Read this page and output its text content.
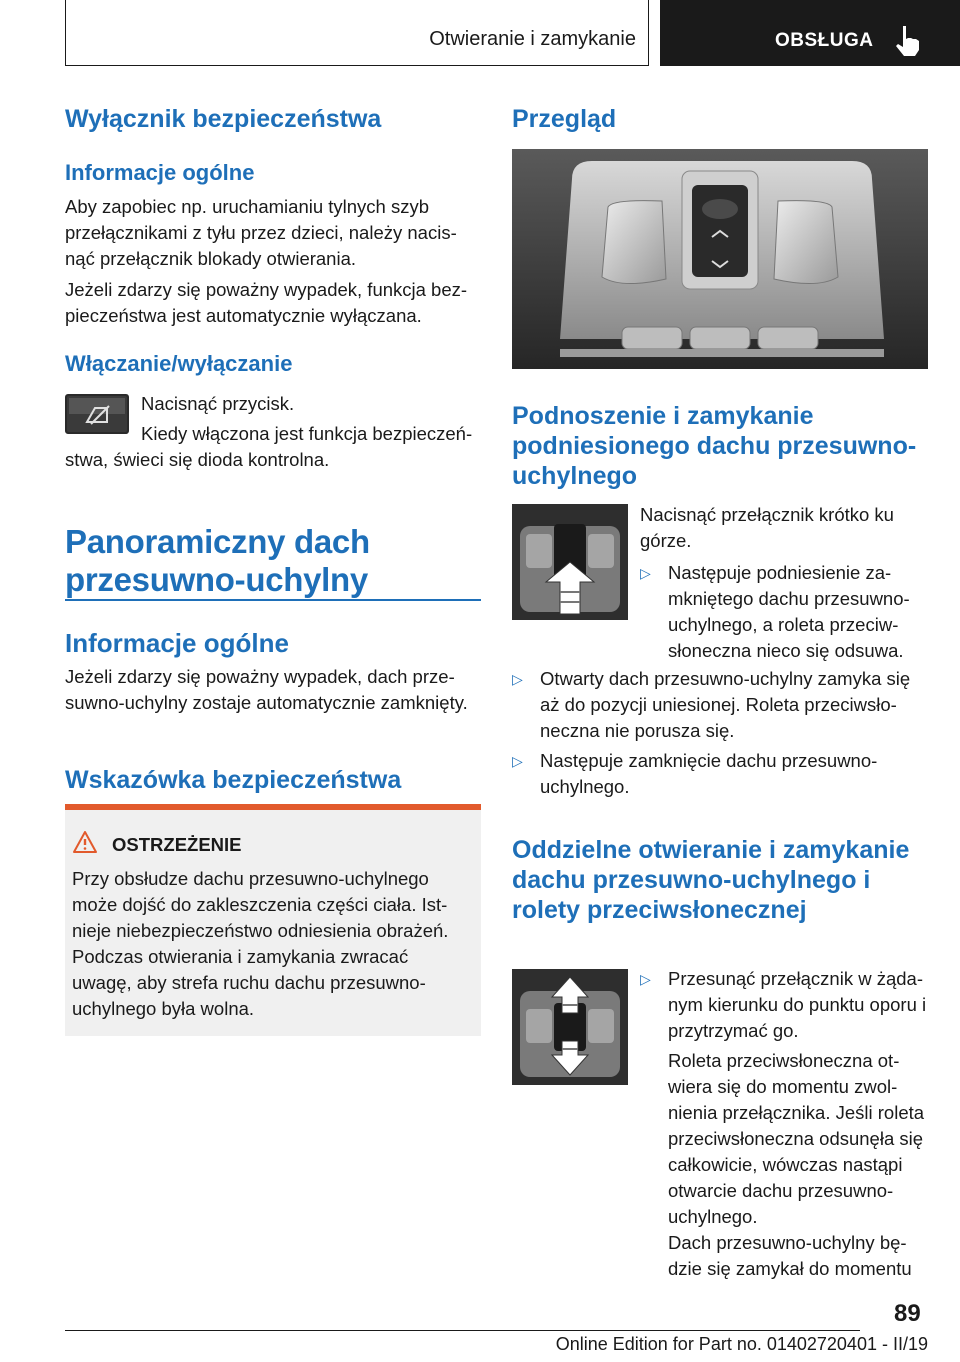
Otwieranie i zamykanie	OBSŁUGA
Wyłącznik bezpieczeństwa
Informacje ogólne
Aby zapobiec np. uruchamianiu tylnych szyb przełącznikami z tyłu przez dzieci, należy nacisnąć przełącznik blokady otwierania.
Jeżeli zdarzy się poważny wypadek, funkcja bezpieczeństwa jest automatycznie wyłączana.
Włączanie/wyłączanie
Nacisnąć przycisk.
Kiedy włączona jest funkcja bezpieczeń-
stwa, świeci się dioda kontrolna.
Panoramiczny dach przesuwno-uchylny
Informacje ogólne
Jeżeli zdarzy się poważny wypadek, dach przesuwno-uchylny zostaje automatycznie zamknięty.
Wskazówka bezpieczeństwa
OSTRZEŻENIE
Przy obsłudze dachu przesuwno-uchylnego może dojść do zakleszczenia części ciała. Istnieje niebezpieczeństwo odniesienia obrażeń. Podczas otwierania i zamykania zwracać uwagę, aby strefa ruchu dachu przesuwno-uchylnego była wolna.
Przegląd
Podnoszenie i zamykanie podniesionego dachu przesuwno-uchylnego
Nacisnąć przełącznik krótko ku górze.
▷ Następuje podniesienie zamkniętego dachu przesuwno-uchylnego, a roleta przeciwsłoneczna nieco się odsuwa.
▷ Otwarty dach przesuwno-uchylny zamyka się aż do pozycji uniesionej. Roleta przeciwsłoneczna nie porusza się.
▷ Następuje zamknięcie dachu przesuwno-uchylnego.
Oddzielne otwieranie i zamykanie dachu przesuwno-uchylnego i rolety przeciwsłonecznej
▷ Przesunąć przełącznik w żądanym kierunku do punktu oporu i przytrzymać go.
Roleta przeciwsłoneczna otwiera się do momentu zwolnienia przełącznika. Jeśli roleta przeciwsłoneczna odsunęła się całkowicie, wówczas nastąpi otwarcie dachu przesuwno-uchylnego.
Dach przesuwno-uchylny będzie się zamykał do momentu
89
Online Edition for Part no. 01402720401 - II/19
